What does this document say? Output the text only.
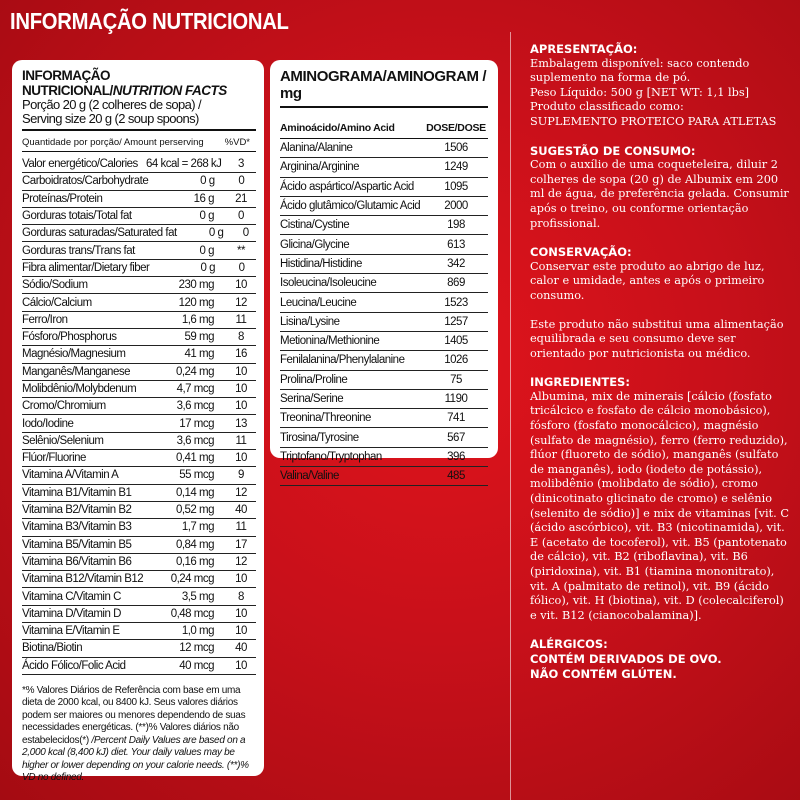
INFORMAÇÃO NUTRICIONAL
INFORMAÇÃO NUTRICIONAL/NUTRITION FACTS
Porção 20 g (2 colheres de sopa) /
Serving size 20 g (2 soup spoons)
Quantidade por porção/ Amount perserving %VD*
Valor energético/Calories 64 kcal = 268 kJ	3
Carboidratos/Carbohydrate	0 g	0
Proteínas/Protein	16 g	21
Gorduras totais/Total fat	0 g	0
Gorduras saturadas/Saturated fat	0 g	0
Gorduras trans/Trans fat	0 g	**
Fibra alimentar/Dietary fiber	0 g	0
Sódio/Sodium	230 mg	10
Cálcio/Calcium	120 mg	12
Ferro/Iron	1,6 mg	11
Fósforo/Phosphorus	59 mg	8
Magnésio/Magnesium	41 mg	16
Manganês/Manganese	0,24 mg	10
Molibdênio/Molybdenum	4,7 mcg	10
Cromo/Chromium	3,6 mcg	10
Iodo/Iodine	17 mcg	13
Selênio/Selenium	3,6 mcg	11
Flúor/Fluorine	0,41 mg	10
Vitamina A/Vitamin A	55 mcg	9
Vitamina B1/Vitamin B1	0,14 mg	12
Vitamina B2/Vitamin B2	0,52 mg	40
Vitamina B3/Vitamin B3	1,7 mg	11
Vitamina B5/Vitamin B5	0,84 mg	17
Vitamina B6/Vitamin B6	0,16 mg	12
Vitamina B12/Vitamin B12	0,24 mcg	10
Vitamina C/Vitamin C	3,5 mg	8
Vitamina D/Vitamin D	0,48 mcg	10
Vitamina E/Vitamin E	1,0 mg	10
Biotina/Biotin	12 mcg	40
Ácido Fólico/Folic Acid	40 mcg	10
*% Valores Diários de Referência com base em uma dieta de 2000 kcal, ou 8400 kJ. Seus valores diários podem ser maiores ou menores dependendo de suas necessidades energéticas. (**)% Valores diários não estabelecidos(*) /Percent Daily Values are based on a 2,000 kcal (8,400 kJ) diet. Your daily values may be higher or lower depending on your calorie needs. (**)% VD no defined.
AMINOGRAMA/AMINOGRAM / mg
Aminoácido/Amino Acid	DOSE/DOSE
Alanina/Alanine	1506
Arginina/Arginine	1249
Ácido aspártico/Aspartic Acid	1095
Ácido glutâmico/Glutamic Acid	2000
Cistina/Cystine	198
Glicina/Glycine	613
Histidina/Histidine	342
Isoleucina/Isoleucine	869
Leucina/Leucine	1523
Lisina/Lysine	1257
Metionina/Methionine	1405
Fenilalanina/Phenylalanine	1026
Prolina/Proline	75
Serina/Serine	1190
Treonina/Threonine	741
Tirosina/Tyrosine	567
Triptofano/Tryptophan	396
Valina/Valine	485
APRESENTAÇÃO:
Embalagem disponível: saco contendo suplemento na forma de pó.
Peso Líquido: 500 g [NET WT: 1,1 lbs]
Produto classificado como:
SUPLEMENTO PROTEICO PARA ATLETAS
SUGESTÃO DE CONSUMO:
Com o auxílio de uma coqueteleira, diluir 2 colheres de sopa (20 g) de Albumix em 200 ml de água, de preferência gelada. Consumir após o treino, ou conforme orientação profissional.
CONSERVAÇÃO:
Conservar este produto ao abrigo de luz, calor e umidade, antes e após o primeiro consumo.
Este produto não substitui uma alimentação equilibrada e seu consumo deve ser orientado por nutricionista ou médico.
INGREDIENTES:
Albumina, mix de minerais [cálcio (fosfato tricálcico e fosfato de cálcio monobásico), fósforo (fosfato monocálcico), magnésio (sulfato de magnésio), ferro (ferro reduzido), flúor (fluoreto de sódio), manganês (sulfato de manganês), iodo (iodeto de potássio), molibdênio (molibdato de sódio), cromo (dinicotinato glicinato de cromo) e selênio (selenito de sódio)] e mix de vitaminas [vit. C (ácido ascórbico), vit. B3 (nicotinamida), vit. E (acetato de tocoferol), vit. B5 (pantotenato de cálcio), vit. B2 (riboflavina), vit. B6 (piridoxina), vit. B1 (tiamina mononitrato), vit. A (palmitato de retinol), vit. B9 (ácido fólico), vit. H (biotina), vit. D (colecalciferol) e vit. B12 (cianocobalamina)].
ALÉRGICOS:
CONTÉM DERIVADOS DE OVO.
NÃO CONTÉM GLÚTEN.
